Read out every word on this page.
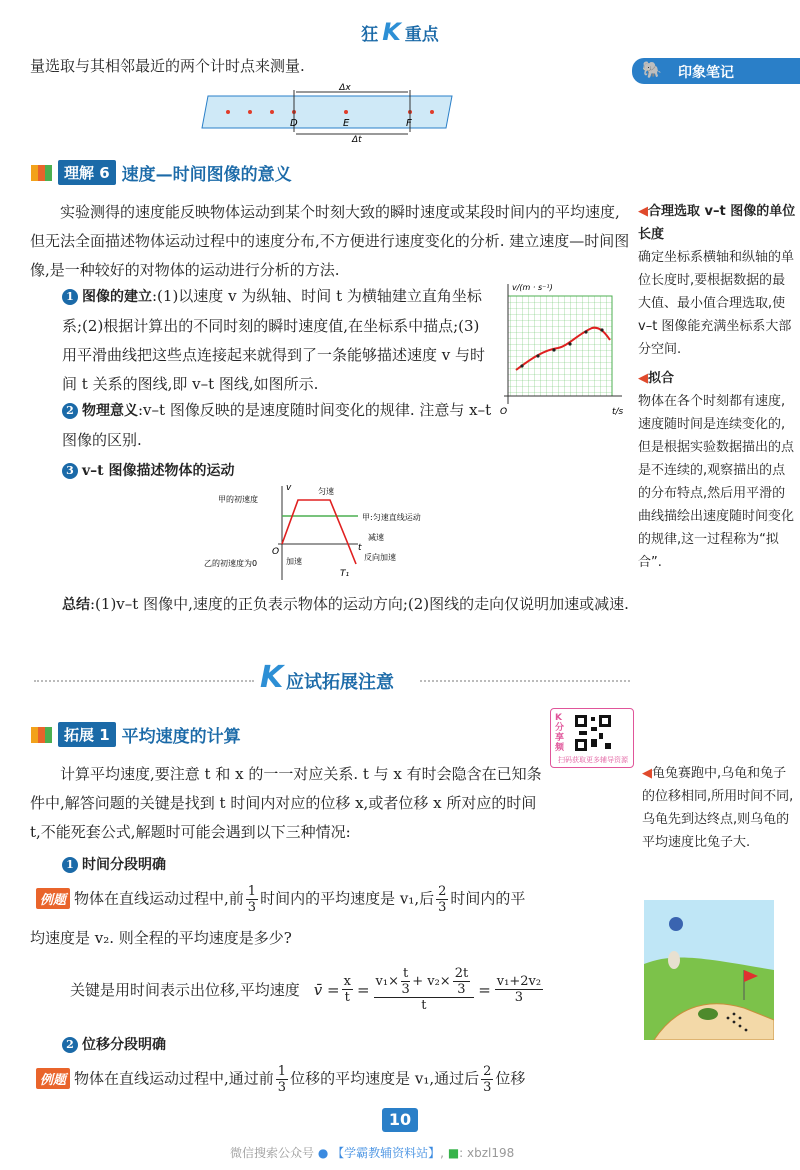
狂 K 重点

量选取与其相邻最近的两个计时点来测量.	🐘 印象笔记
Δx
D	E	F
Δt
理解 6 速度—时间图像的意义

实验测得的速度能反映物体运动到某个时刻大致的瞬时速度或某段时间内的平均速度,但无法全面描述物体运动过程中的速度分布,不方便进行速度变化的分析. 建立速度—时间图像,是一种较好的对物体的运动进行分析的方法.

1 图像的建立:(1)以速度 v 为纵轴、时间 t 为横轴建立直角坐标系;(2)根据计算出的不同时刻的瞬时速度值,在坐标系中描点;(3)用平滑曲线把这些点连接起来就得到了一条能够描述速度 v 与时间 t 关系的图线,即 v–t 图线,如图所示.
2 物理意义:v–t 图像反映的是速度随时间变化的规律. 注意与 x–t 图像的区别.
3 v–t 图像描述物体的运动
v/(m · s⁻¹)
O	t/s
v
t
O
T₁
甲的初速度
匀速
甲:匀速直线运动
减速
加速	反向加速
乙的初速度为0
总结:(1)v–t 图像中,速度的正负表示物体的运动方向;(2)图线的走向仅说明加速或减速.
◀合理选取 v–t 图像的单位长度
确定坐标系横轴和纵轴的单位长度时,要根据数据的最大值、最小值合理选取,使 v–t 图像能充满坐标系大部分空间.
◀拟合
物体在各个时刻都有速度,速度随时间是连续变化的,但是根据实验数据描出的点是不连续的,观察描出的点的分布特点,然后用平滑的曲线描绘出速度随时间变化的规律,这一过程称为“拟合”.
K 应试拓展注意
拓展 1 平均速度的计算
K分享频
扫码获取更多辅导资源

计算平均速度,要注意 t 和 x 的一一对应关系. t 与 x 有时会隐含在已知条件中,解答问题的关键是找到 t 时间内对应的位移 x,或者位移 x 所对应的时间 t,不能死套公式,解题时可能会遇到以下三种情况:

1 时间分段明确
例题 物体在直线运动过程中,前 $\frac{1}{3}$ 时间内的平均速度是 v₁,后 $\frac{2}{3}$ 时间内的平

均速度是 v₂. 则全程的平均速度是多少?

关键是用时间表示出位移,平均速度 v̄ = $\frac{x}{t} = \frac{v_1\times \frac{t}{3} + v_2\times \frac{2t}{3}}{t} = \frac{\text{v₁+2v₂}}{3}$
2 位移分段明确
例题 物体在直线运动过程中,通过前 $\frac{1}{3}$ 位移的平均速度是 v₁,通过后 $\frac{2}{3}$ 位移
◀龟兔赛跑中,乌龟和兔子的位移相同,所用时间不同,乌龟先到达终点,则乌龟的平均速度比兔子大.
10
微信搜索公众号 ● 【学霸教辅资料站】, ■: xbzl198
